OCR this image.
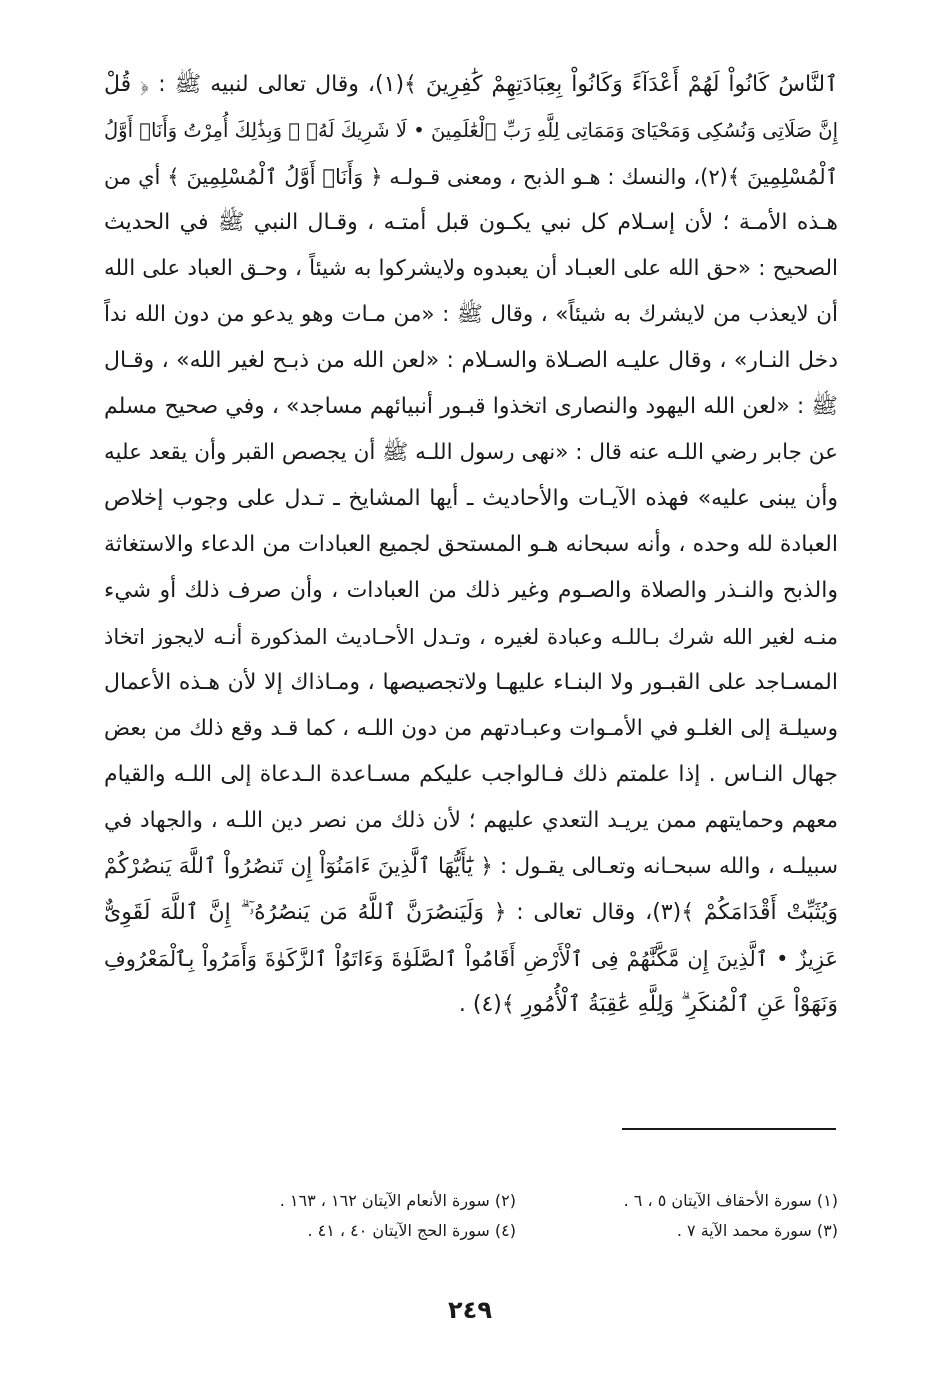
ٱلنَّاسُ كَانُواْ لَهُمْ أَعْدَآءً وَكَانُواْ بِعِبَادَتِهِمْ كَٰفِرِينَ ﴾(١)، وقال تعالى لنبيه ﷺ : ﴿ قُلْ
إِنَّ صَلَاتِى وَنُسُكِى وَمَحْيَاىَ وَمَمَاتِى لِلَّهِ رَبِّ ٱلْعَٰلَمِينَ • لَا شَرِيكَ لَهُۥ ۖ وَبِذَٰلِكَ أُمِرْتُ وَأَنَا۠ أَوَّلُ
ٱلْمُسْلِمِينَ ﴾(٢)، والنسك : هـو الذبح ، ومعنى قـولـه ﴿ وَأَنَا۠ أَوَّلُ ٱلْمُسْلِمِينَ ﴾ أي من
هـذه الأمـة ؛ لأن إسـلام كل نبي يكـون قبل أمتـه ، وقـال النبي ﷺ في الحديث
الصحيح : «حق الله على العبـاد أن يعبدوه ولايشركوا به شيئاً ، وحـق العباد على الله
أن لايعذب من لايشرك به شيئاً» ، وقال ﷺ : «من مـات وهو يدعو من دون الله نداً
دخل النـار» ، وقال عليـه الصـلاة والسـلام : «لعن الله من ذبـح لغير الله» ، وقـال
ﷺ : «لعن الله اليهود والنصارى اتخذوا قبـور أنبيائهم مساجد» ، وفي صحيح مسلم
عن جابر رضي اللـه عنه قال : «نهى رسول اللـه ﷺ أن يجصص القبر وأن يقعد عليه
وأن يبنى عليه» فهذه الآيـات والأحاديث ـ أيها المشايخ ـ تـدل على وجوب إخلاص
العبادة لله وحده ، وأنه سبحانه هـو المستحق لجميع العبادات من الدعاء والاستغاثة
والذبح والنـذر والصلاة والصـوم وغير ذلك من العبادات ، وأن صرف ذلك أو شيء
منـه لغير الله شرك بـاللـه وعبادة لغيره ، وتـدل الأحـاديث المذكورة أنـه لايجوز اتخاذ
المسـاجد على القبـور ولا البنـاء عليهـا ولاتجصيصها ، ومـاذاك إلا لأن هـذه الأعمال
وسيلـة إلى الغلـو في الأمـوات وعبـادتهم من دون اللـه ، كما قـد وقع ذلك من بعض
جهال النـاس . إذا علمتم ذلك فـالواجب عليكم مسـاعدة الـدعاة إلى اللـه والقيام
معهم وحمايتهم ممن يريـد التعدي عليهم ؛ لأن ذلك من نصر دين اللـه ، والجهاد في
سبيلـه ، والله سبحـانه وتعـالى يقـول : ﴿ يَٰٓأَيُّهَا ٱلَّذِينَ ءَامَنُوٓاْ إِن تَنصُرُواْ ٱللَّهَ يَنصُرْكُمْ
وَيُثَبِّتْ أَقْدَامَكُمْ ﴾(٣)، وقال تعالى : ﴿ وَلَيَنصُرَنَّ ٱللَّهُ مَن يَنصُرُهُۥٓ ۗ إِنَّ ٱللَّهَ لَقَوِىٌّ
عَزِيزٌ • ٱلَّذِينَ إِن مَّكَّنَّٰهُمْ فِى ٱلْأَرْضِ أَقَامُواْ ٱلصَّلَوٰةَ وَءَاتَوُاْ ٱلزَّكَوٰةَ وَأَمَرُواْ بِٱلْمَعْرُوفِ
وَنَهَوْاْ عَنِ ٱلْمُنكَرِ ۗ وَلِلَّهِ عَٰقِبَةُ ٱلْأُمُورِ ﴾(٤) .
(١) سورة الأحقاف الآيتان ٥ ، ٦ .
(٢) سورة الأنعام الآيتان ١٦٢ ، ١٦٣ .
(٣) سورة محمد الآية ٧ .
(٤) سورة الحج الآيتان ٤٠ ، ٤١ .
٢٤٩
